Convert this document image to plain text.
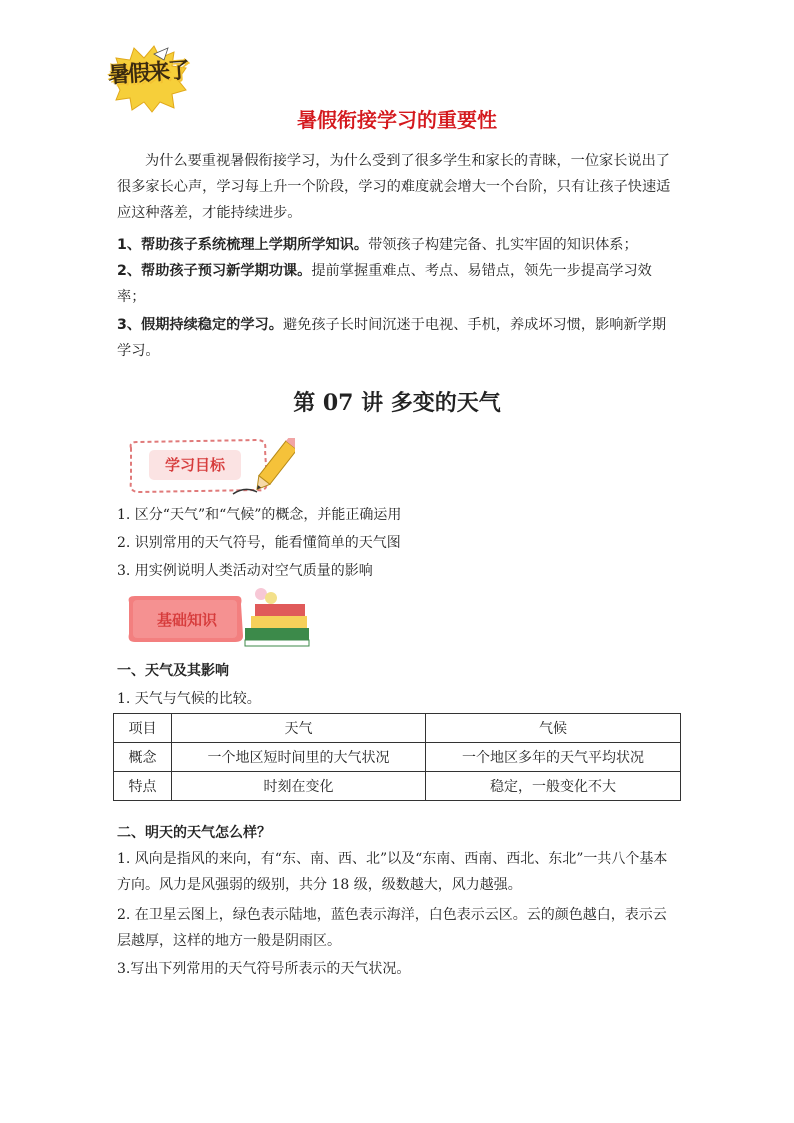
暑假来了
暑假衔接学习的重要性
为什么要重视暑假衔接学习，为什么受到了很多学生和家长的青睐，一位家长说出了很多家长心声，学习每上升一个阶段，学习的难度就会增大一个台阶，只有让孩子快速适应这种落差，才能持续进步。
1、帮助孩子系统梳理上学期所学知识。带领孩子构建完备、扎实牢固的知识体系；
2、帮助孩子预习新学期功课。提前掌握重难点、考点、易错点，领先一步提高学习效率；
3、假期持续稳定的学习。避免孩子长时间沉迷于电视、手机，养成坏习惯，影响新学期学习。
第 07 讲 多变的天气
学习目标
1. 区分“天气”和“气候”的概念，并能正确运用
2. 识别常用的天气符号，能看懂简单的天气图
3. 用实例说明人类活动对空气质量的影响
基础知识
一、天气及其影响
1. 天气与气候的比较。
项目	天气	气候
概念	一个地区短时间里的大气状况	一个地区多年的天气平均状况
特点	时刻在变化	稳定，一般变化不大
二、明天的天气怎么样？
1. 风向是指风的来向，有“东、南、西、北”以及“东南、西南、西北、东北”一共八个基本方向。风力是风强弱的级别，共分 18 级，级数越大，风力越强。
2. 在卫星云图上，绿色表示陆地，蓝色表示海洋，白色表示云区。云的颜色越白，表示云层越厚，这样的地方一般是阴雨区。
3.写出下列常用的天气符号所表示的天气状况。
